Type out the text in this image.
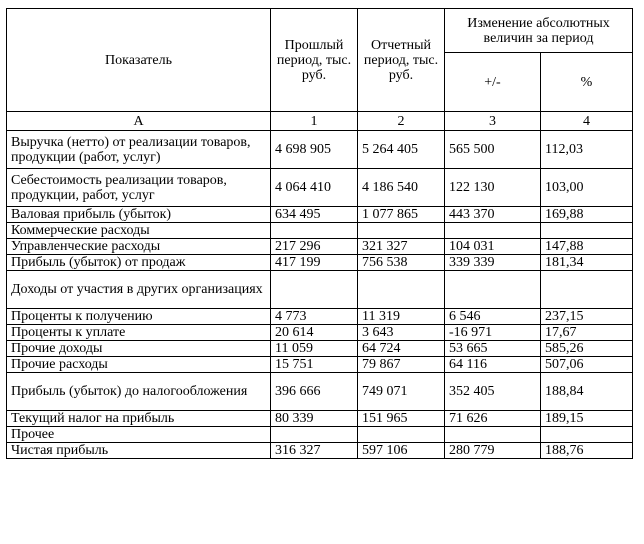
Показатель	Прошлый период, тыс. руб.	Отчетный период, тыс. руб.	Изменение абсолютных величин за период	
			+/-	%
А	1	2	3	4
Выручка (нетто) от реализации товаров, продукции (работ, услуг)	4 698 905	5 264 405	565 500	112,03
Себестоимость реализации товаров, продукции, работ, услуг	4 064 410	4 186 540	122 130	103,00
Валовая прибыль (убыток)	634 495	1 077 865	443 370	169,88
Коммерческие расходы				
Управленческие расходы	217 296	321 327	104 031	147,88
Прибыль (убыток) от продаж	417 199	756 538	339 339	181,34
Доходы от участия в других организациях				
Проценты к получению	4 773	11 319	6 546	237,15
Проценты к уплате	20 614	3 643	-16 971	17,67
Прочие доходы	11 059	64 724	53 665	585,26
Прочие расходы	15 751	79 867	64 116	507,06
Прибыль (убыток) до налогообложения	396 666	749 071	352 405	188,84
Текущий налог на прибыль	80 339	151 965	71 626	189,15
Прочее				
Чистая прибыль	316 327	597 106	280 779	188,76
